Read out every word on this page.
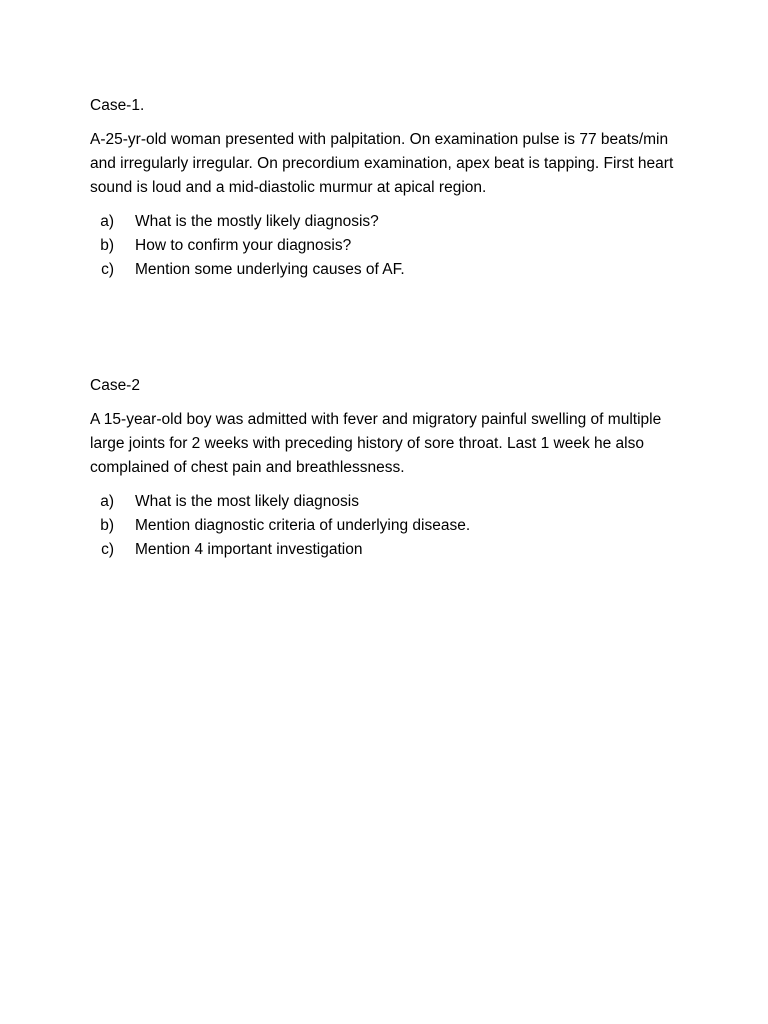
Case-1.

A-25-yr-old woman presented with palpitation. On examination pulse is 77 beats/min and irregularly irregular. On precordium examination, apex beat is tapping. First heart sound is loud and a mid-diastolic murmur at apical region.

a) What is the mostly likely diagnosis?
b) How to confirm your diagnosis?
c) Mention some underlying causes of AF.

Case-2

A 15-year-old boy was admitted with fever and migratory painful swelling of multiple large joints for 2 weeks with preceding history of sore throat. Last 1 week he also complained of chest pain and breathlessness.

a) What is the most likely diagnosis
b) Mention diagnostic criteria of underlying disease.
c) Mention 4 important investigation
